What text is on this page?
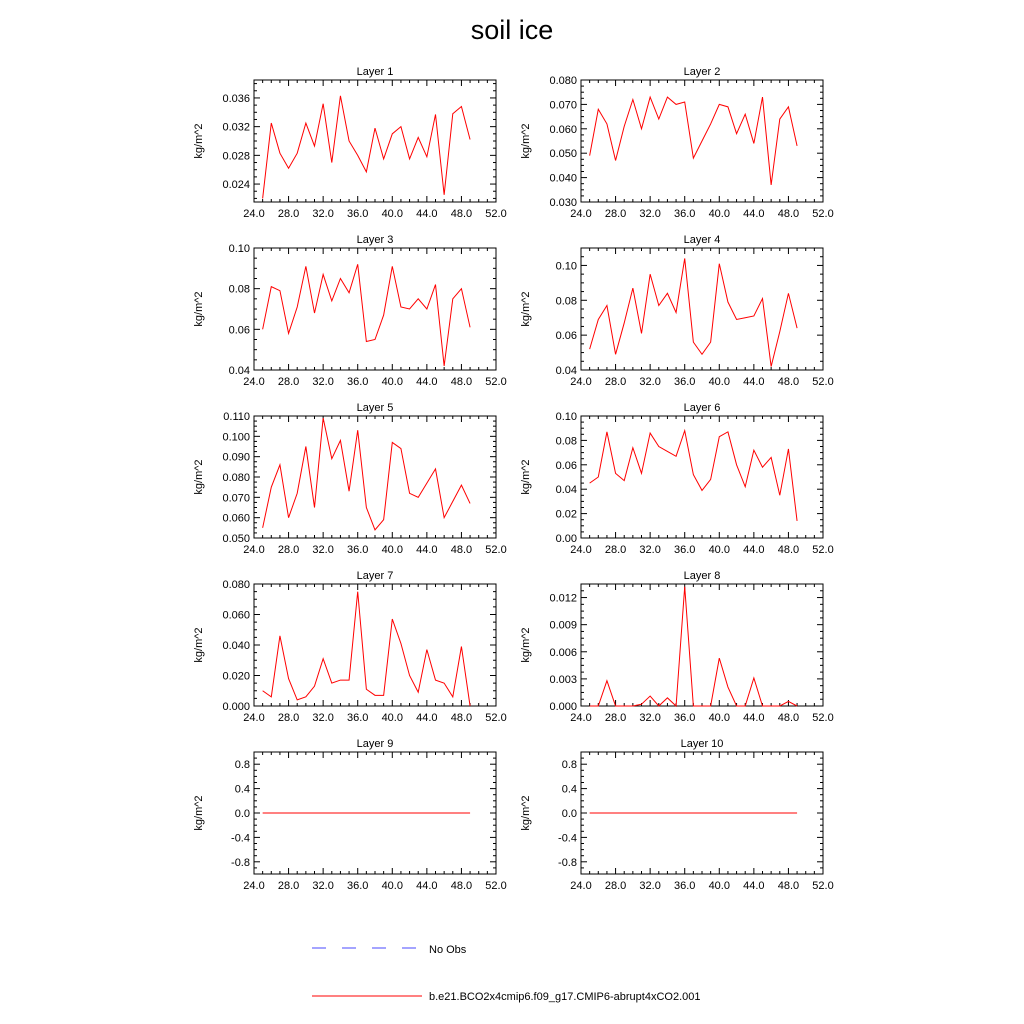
soil ice
Layer 1
kg/m^2
24.0 28.0 32.0 36.0 40.0 44.0 48.0 52.0
0.024
0.028
0.032
0.036
Layer 2
kg/m^2
24.0 28.0 32.0 36.0 40.0 44.0 48.0 52.0
0.030
0.040
0.050
0.060
0.070
0.080
Layer 3
kg/m^2
24.0 28.0 32.0 36.0 40.0 44.0 48.0 52.0
0.04
0.06
0.08
0.10
Layer 4
kg/m^2
24.0 28.0 32.0 36.0 40.0 44.0 48.0 52.0
0.04
0.06
0.08
0.10
Layer 5
kg/m^2
24.0 28.0 32.0 36.0 40.0 44.0 48.0 52.0
0.050
0.060
0.070
0.080
0.090
0.100
0.110
Layer 6
kg/m^2
24.0 28.0 32.0 36.0 40.0 44.0 48.0 52.0
0.00
0.02
0.04
0.06
0.08
0.10
Layer 7
kg/m^2
24.0 28.0 32.0 36.0 40.0 44.0 48.0 52.0
0.000
0.020
0.040
0.060
0.080
Layer 8
kg/m^2
24.0 28.0 32.0 36.0 40.0 44.0 48.0 52.0
0.000
0.003
0.006
0.009
0.012
Layer 9
kg/m^2
24.0 28.0 32.0 36.0 40.0 44.0 48.0 52.0
-0.8
-0.4
0.0
0.4
0.8
Layer 10
kg/m^2
24.0 28.0 32.0 36.0 40.0 44.0 48.0 52.0
-0.8
-0.4
0.0
0.4
0.8
No Obs
b.e21.BCO2x4cmip6.f09_g17.CMIP6-abrupt4xCO2.001
